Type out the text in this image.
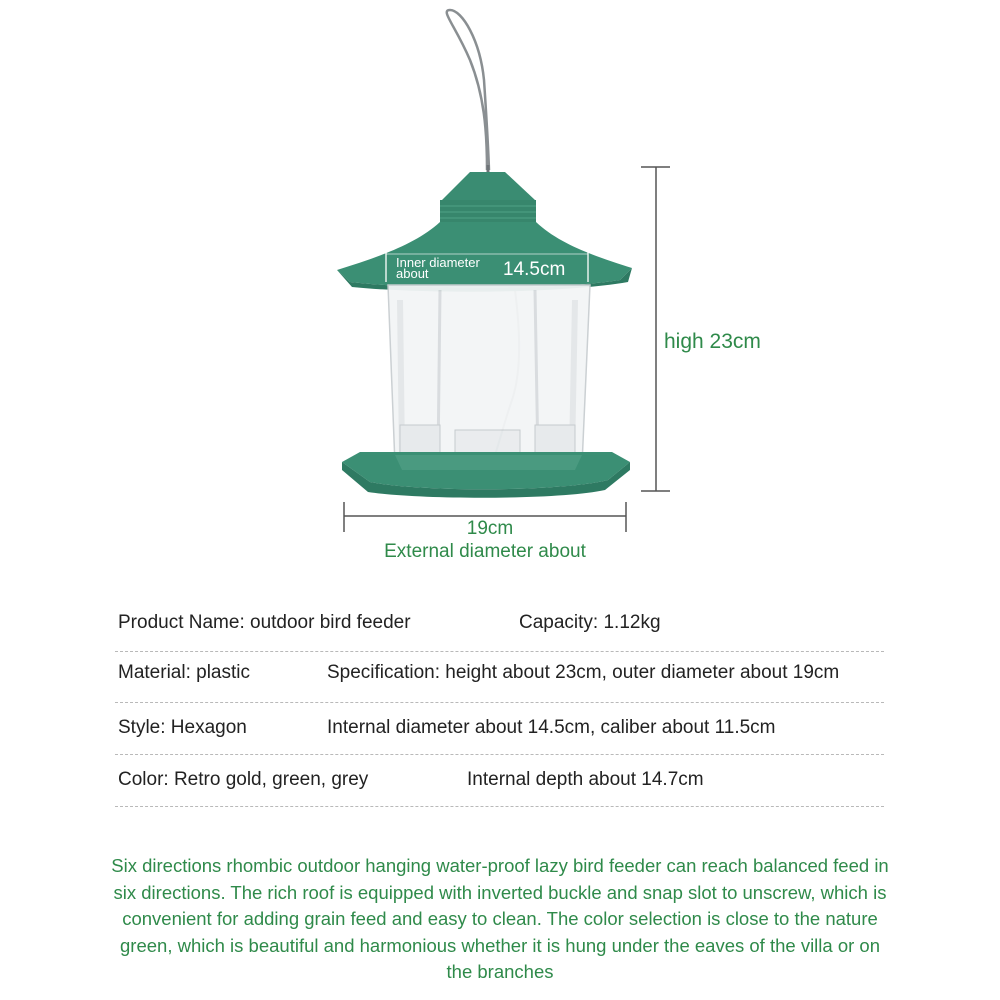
Inner diameter about	14.5cm
high 23cm
19cm
External diameter about
Product Name: outdoor bird feeder	Capacity: 1.12kg
Material: plastic	Specification: height about 23cm, outer diameter about 19cm
Style: Hexagon	Internal diameter about 14.5cm, caliber about 11.5cm
Color: Retro gold, green, grey	Internal depth about 14.7cm
Six directions rhombic outdoor hanging water-proof lazy bird feeder can reach balanced feed in six directions. The rich roof is equipped with inverted buckle and snap slot to unscrew, which is convenient for adding grain feed and easy to clean. The color selection is close to the nature green, which is beautiful and harmonious whether it is hung under the eaves of the villa or on the branches
